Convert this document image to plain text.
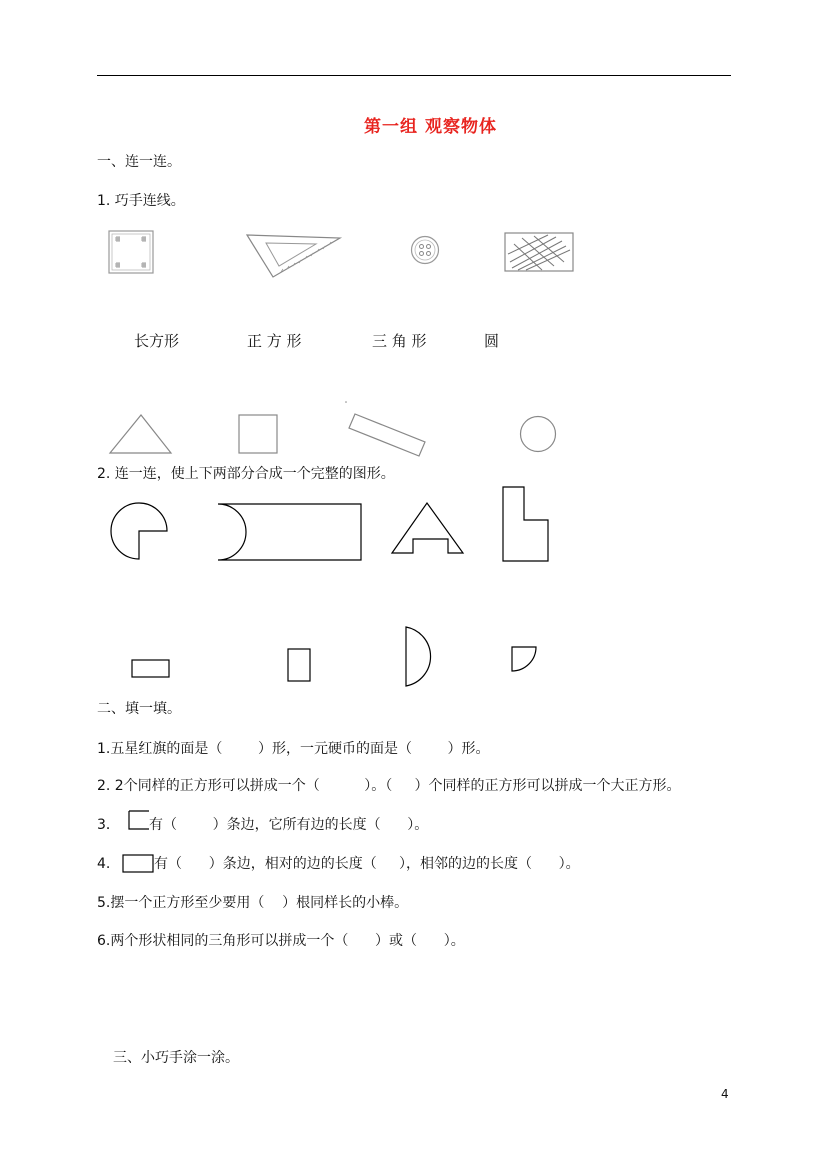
第一组 观察物体
一、连一连。
1. 巧手连线。
长方形	正 方 形	三 角 形	圆
2. 连一连，使上下两部分合成一个完整的图形。
二、填一填。
1.五星红旗的面是（        ）形，一元硬币的面是（        ）形。
2. 2个同样的正方形可以拼成一个（          ）。（     ）个同样的正方形可以拼成一个大正方形。
3． 有（        ）条边，它所有边的长度（      ）。
4.	有（      ）条边，相对的边的长度（     ），相邻的边的长度（      ）。
5.摆一个正方形至少要用（    ）根同样长的小棒。
6.两个形状相同的三角形可以拼成一个（      ）或（      ）。
三、小巧手涂一涂。
4
